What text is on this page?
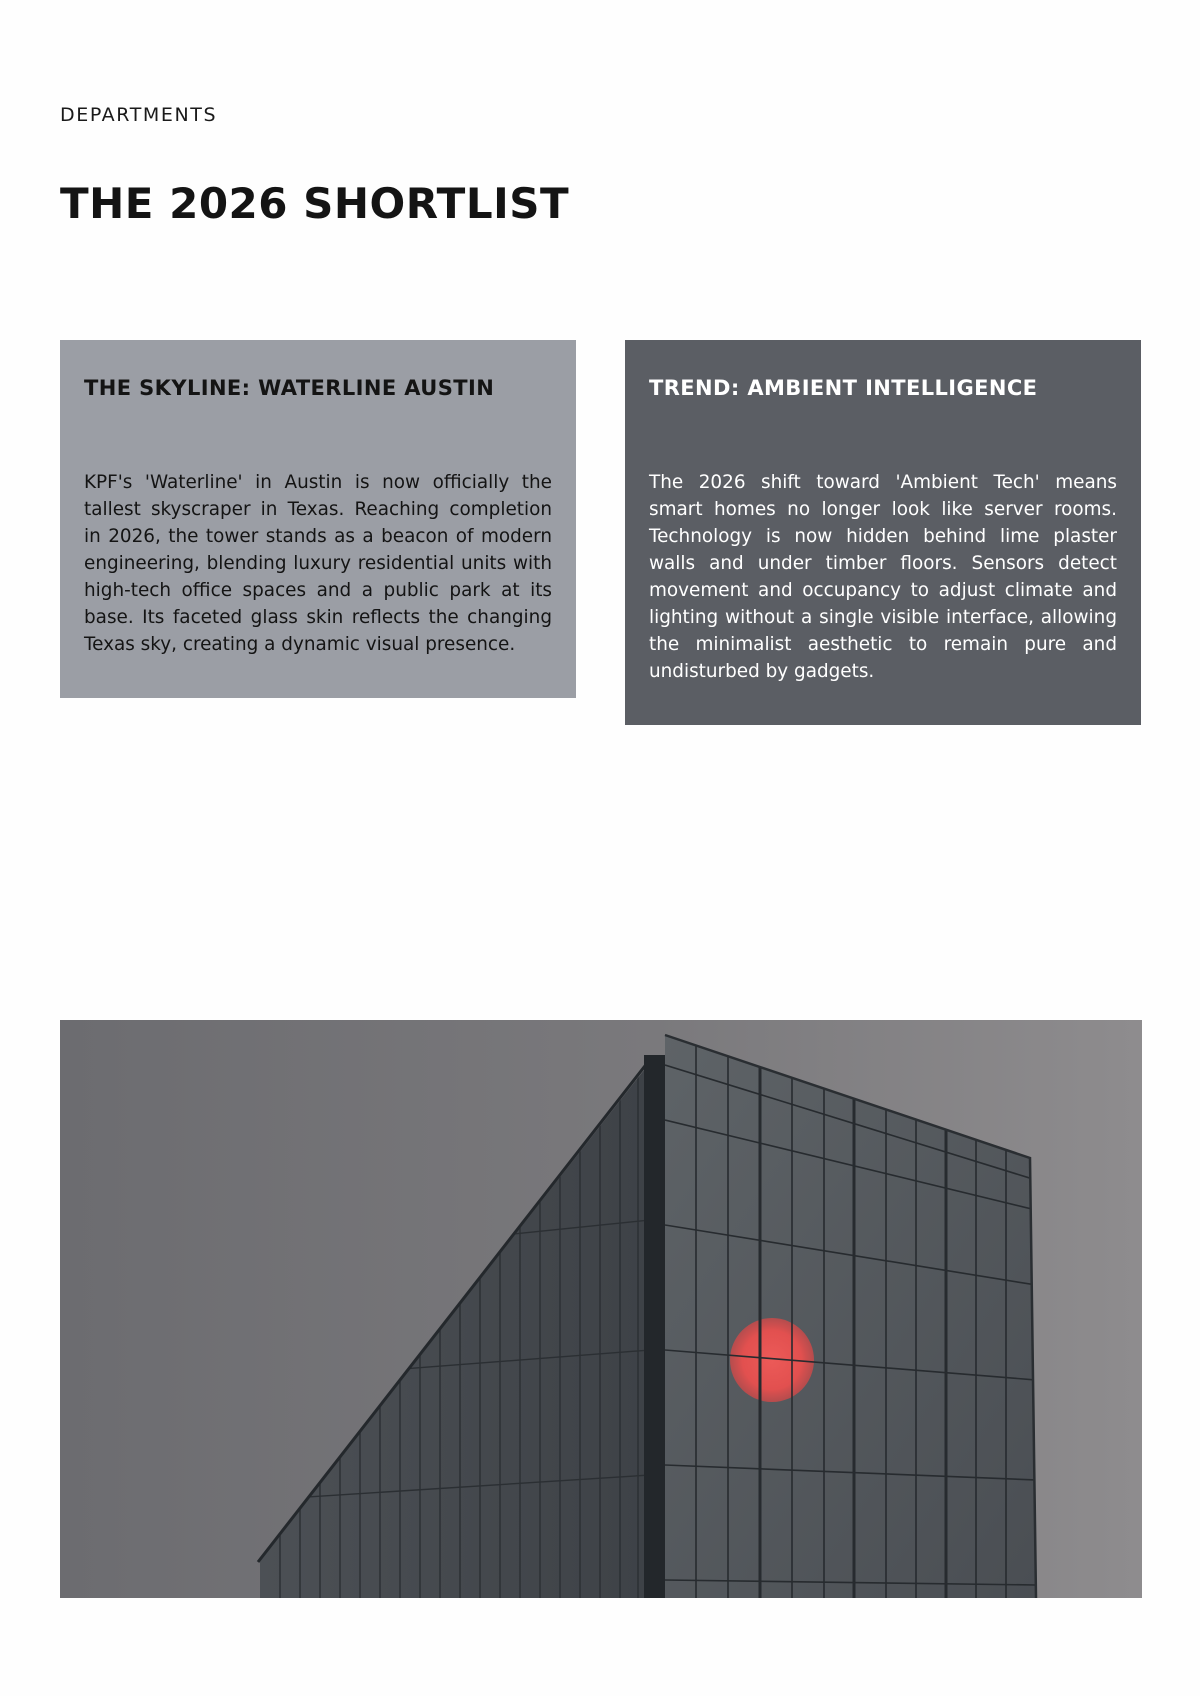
DEPARTMENTS
THE 2026 SHORTLIST
THE SKYLINE: WATERLINE AUSTIN

KPF's 'Waterline' in Austin is now officially the tallest skyscraper in Texas. Reaching completion in 2026, the tower stands as a beacon of modern engineering, blending luxury residential units with high-tech office spaces and a public park at its base. Its faceted glass skin reflects the changing Texas sky, creating a dynamic visual presence.

TREND: AMBIENT INTELLIGENCE

The 2026 shift toward 'Ambient Tech' means smart homes no longer look like server rooms. Technology is now hidden behind lime plaster walls and under timber floors. Sensors detect movement and occupancy to adjust climate and lighting without a single visible interface, allowing the minimalist aesthetic to remain pure and undisturbed by gadgets.
